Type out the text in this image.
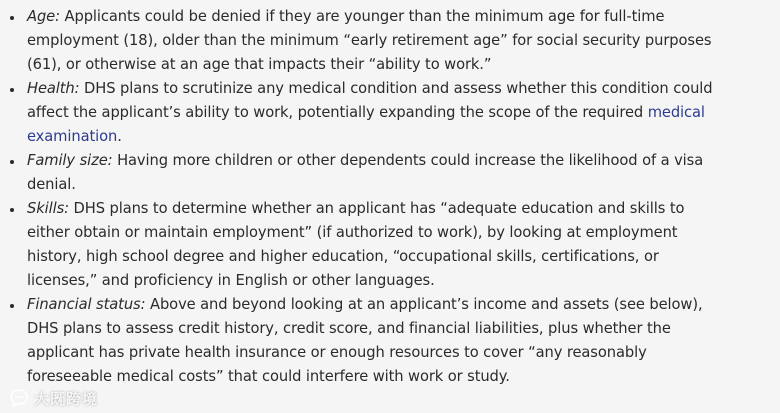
Age: Applicants could be denied if they are younger than the minimum age for full-time employment (18), older than the minimum “early retirement age” for social security purposes (61), or otherwise at an age that impacts their “ability to work.”
Health: DHS plans to scrutinize any medical condition and assess whether this condition could affect the applicant’s ability to work, potentially expanding the scope of the required medical examination.
Family size: Having more children or other dependents could increase the likelihood of a visa denial.
Skills: DHS plans to determine whether an applicant has “adequate education and skills to either obtain or maintain employment” (if authorized to work), by looking at employment history, high school degree and higher education, “occupational skills, certifications, or licenses,” and proficiency in English or other languages.
Financial status: Above and beyond looking at an applicant’s income and assets (see below), DHS plans to assess credit history, credit score, and financial liabilities, plus whether the applicant has private health insurance or enough resources to cover “any reasonably foreseeable medical costs” that could interfere with work or study.
大既跨境
